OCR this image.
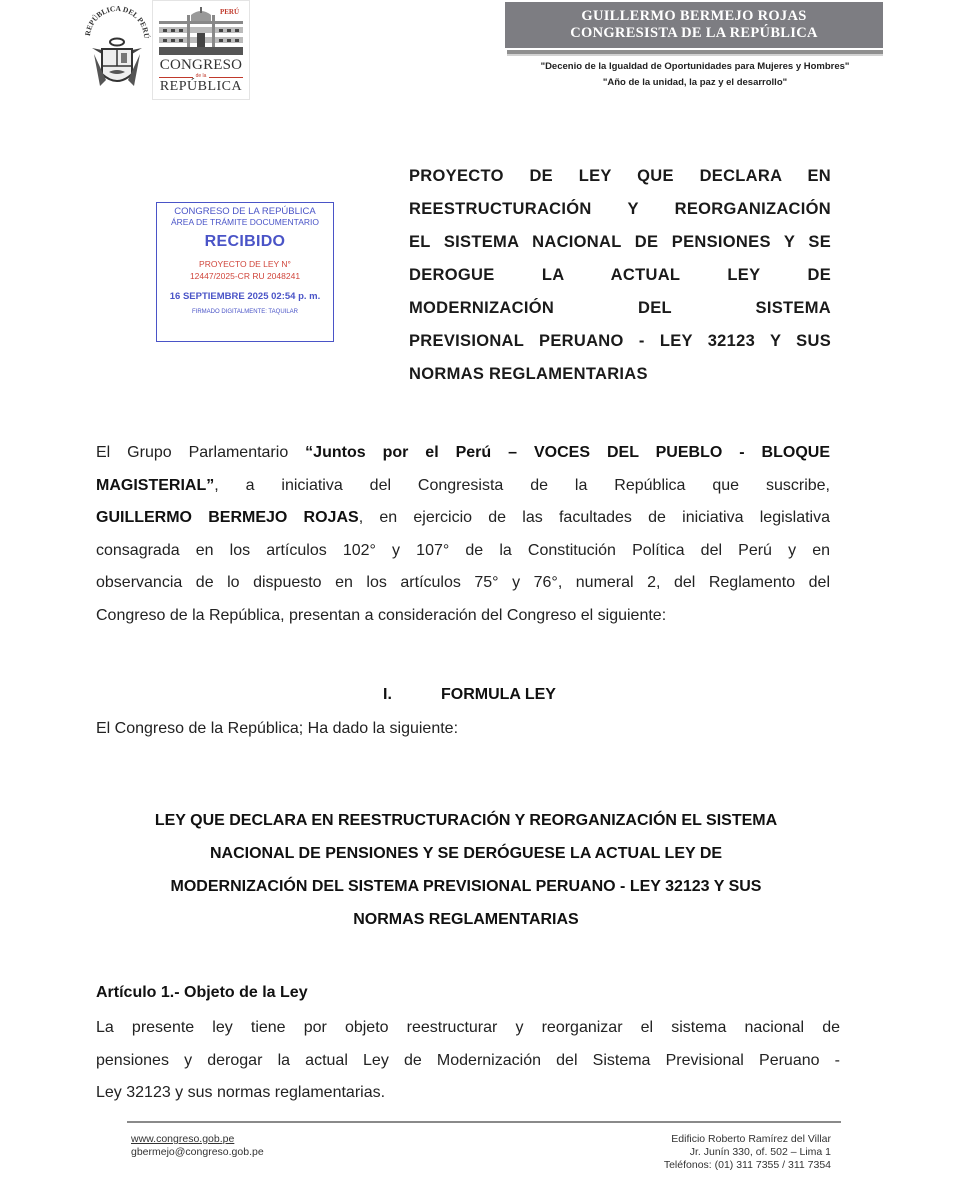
REPÚBLICA DEL PERÚ
PERÚ
CONGRESO
de la
REPÚBLICA
GUILLERMO BERMEJO ROJAS
CONGRESISTA DE LA REPÚBLICA
"Decenio de la Igualdad de Oportunidades para Mujeres y Hombres"
"Año de la unidad, la paz y el desarrollo"
CONGRESO DE LA REPÚBLICA
ÁREA DE TRÁMITE DOCUMENTARIO
RECIBIDO
PROYECTO DE LEY N°
12447/2025-CR RU 2048241
16 SEPTIEMBRE 2025 02:54 p. m.
FIRMADO DIGITALMENTE: TAQUILAR
PROYECTO DE LEY QUE DECLARA EN
REESTRUCTURACIÓN Y REORGANIZACIÓN
EL SISTEMA NACIONAL DE PENSIONES Y SE
DEROGUE LA ACTUAL LEY DE
MODERNIZACIÓN DEL SISTEMA
PREVISIONAL PERUANO - LEY 32123 Y SUS
NORMAS REGLAMENTARIAS
El Grupo Parlamentario “Juntos por el Perú – VOCES DEL PUEBLO - BLOQUE
MAGISTERIAL”, a iniciativa del Congresista de la República que suscribe,
GUILLERMO BERMEJO ROJAS, en ejercicio de las facultades de iniciativa legislativa
consagrada en los artículos 102° y 107° de la Constitución Política del Perú y en
observancia de lo dispuesto en los artículos 75° y 76°, numeral 2, del Reglamento del
Congreso de la República, presentan a consideración del Congreso el siguiente:
I.	FORMULA LEY
El Congreso de la República; Ha dado la siguiente:
LEY QUE DECLARA EN REESTRUCTURACIÓN Y REORGANIZACIÓN EL SISTEMA
NACIONAL DE PENSIONES Y SE DERÓGUESE LA ACTUAL LEY DE
MODERNIZACIÓN DEL SISTEMA PREVISIONAL PERUANO - LEY 32123 Y SUS
NORMAS REGLAMENTARIAS
Artículo 1.- Objeto de la Ley
La presente ley tiene por objeto reestructurar y reorganizar el sistema nacional de
pensiones y derogar la actual Ley de Modernización del Sistema Previsional Peruano -
Ley 32123 y sus normas reglamentarias.
www.congreso.gob.pe
gbermejo@congreso.gob.pe
Edificio Roberto Ramírez del Villar
Jr. Junín 330, of. 502 – Lima 1
Teléfonos: (01) 311 7355 / 311 7354
